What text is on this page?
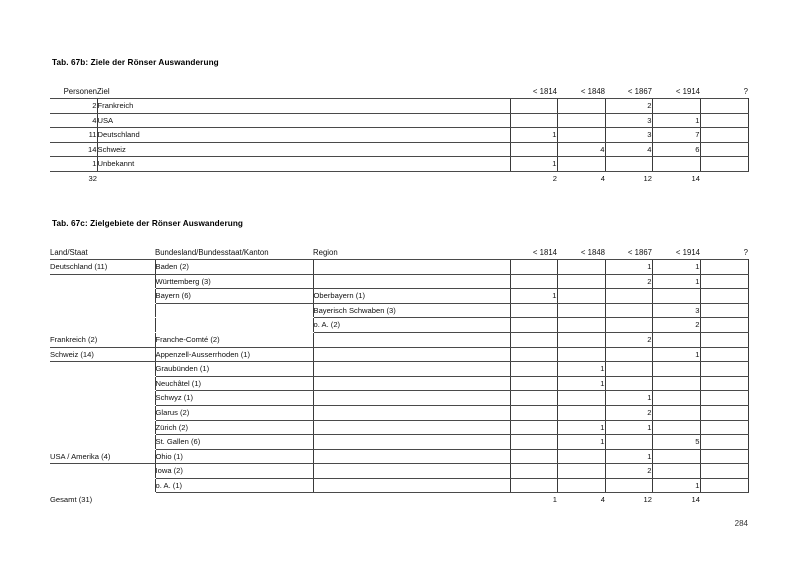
Tab. 67b: Ziele der Rönser Auswanderung
Personen	Ziel	< 1814	< 1848	< 1867	< 1914	?
2	Frankreich			2		
4	USA			3	1	
11	Deutschland	1		3	7	
14	Schweiz		4	4	6	
1	Unbekannt	1				
32		2	4	12	14	
Tab. 67c: Zielgebiete der Rönser Auswanderung
Land/Staat	Bundesland/Bundesstaat/Kanton	Region	< 1814	< 1848	< 1867	< 1914	?
Deutschland (11)	Baden (2)				1	1	
	Württemberg (3)				2	1	
	Bayern (6)	Oberbayern (1)	1				
		Bayerisch Schwaben (3)				3	
		o. A. (2)				2	
Frankreich (2)	Franche-Comté (2)				2		
Schweiz (14)	Appenzell-Ausserrhoden (1)					1	
	Graubünden (1)			1			
	Neuchâtel (1)			1			
	Schwyz (1)				1		
	Glarus (2)				2		
	Zürich (2)			1	1		
	St. Gallen (6)			1		5	
USA / Amerika (4)	Ohio (1)				1		
	Iowa (2)				2		
	o. A. (1)					1	
Gesamt (31)			1	4	12	14	
284
